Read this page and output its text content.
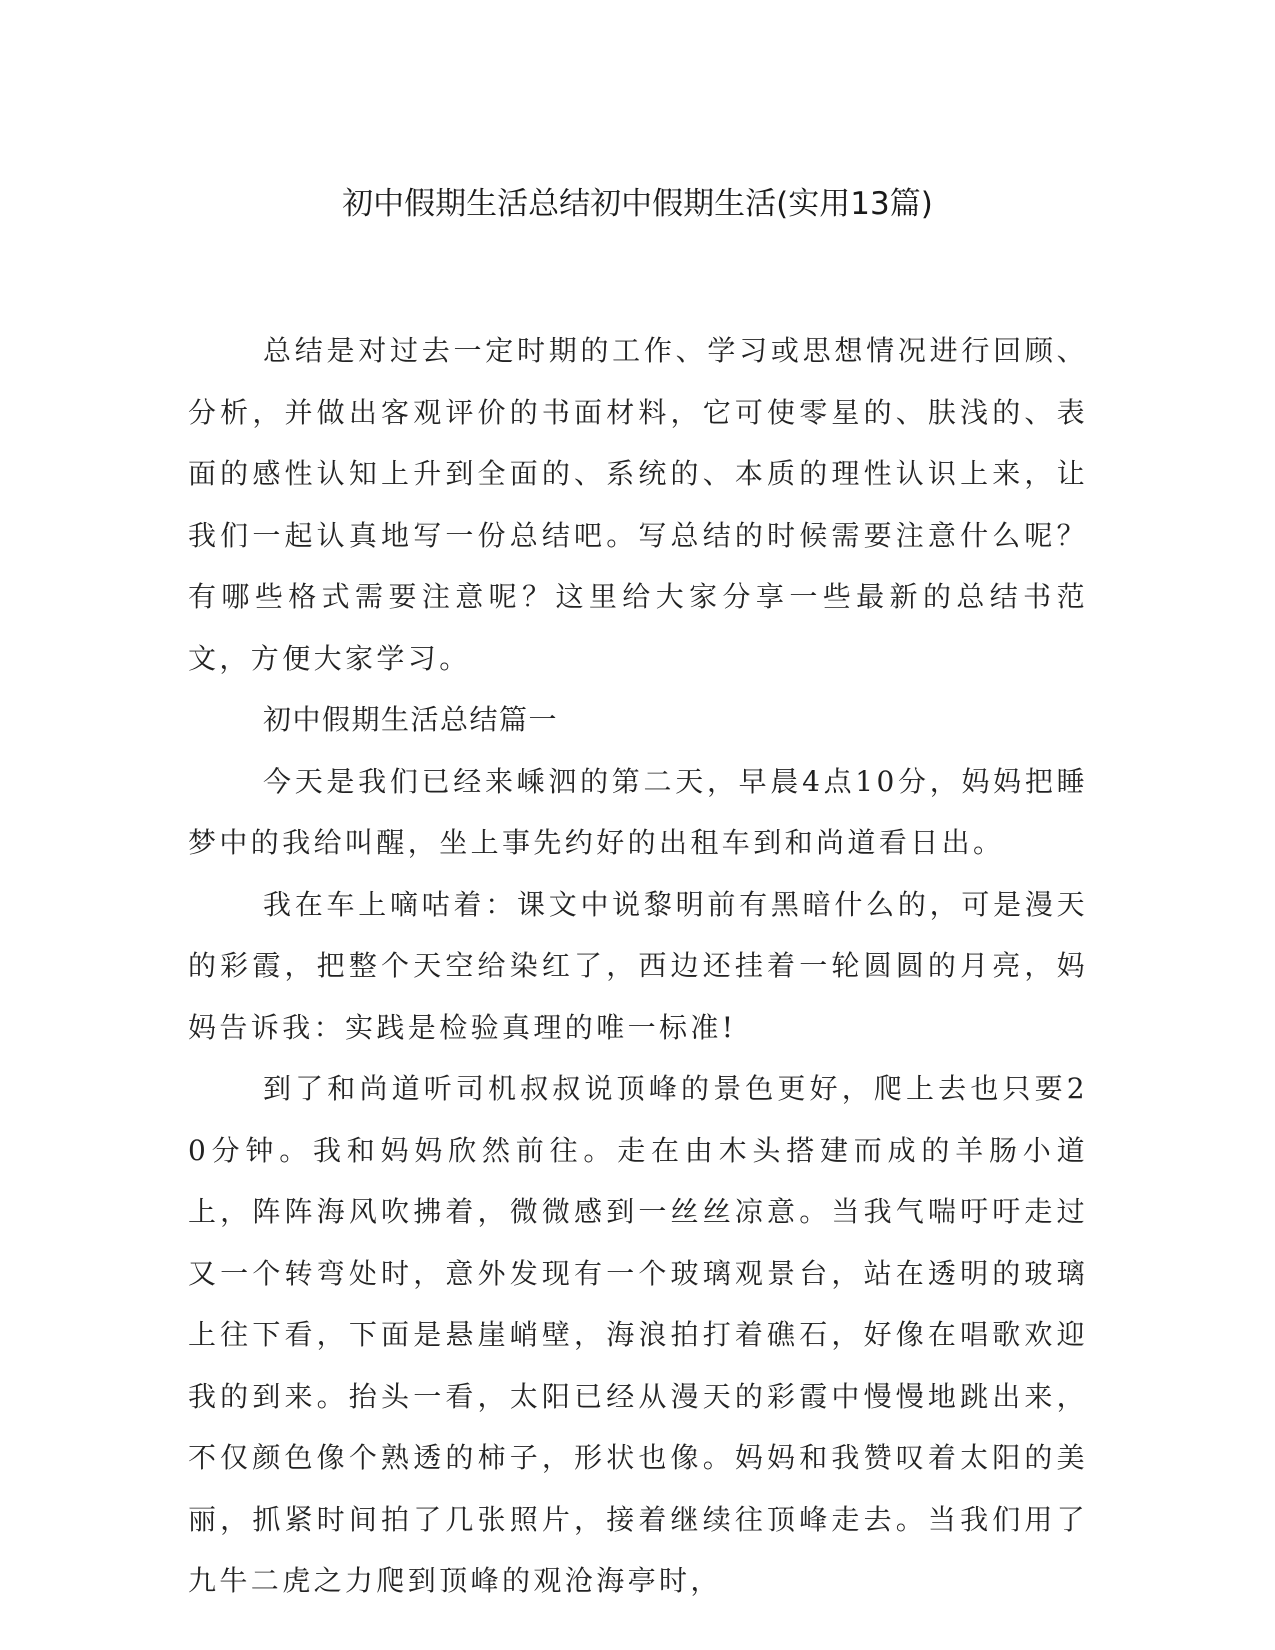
初中假期生活总结初中假期生活(实用13篇)

总结是对过去一定时期的工作、学习或思想情况进行回顾、分析，并做出客观评价的书面材料，它可使零星的、肤浅的、表面的感性认知上升到全面的、系统的、本质的理性认识上来，让我们一起认真地写一份总结吧。写总结的时候需要注意什么呢？有哪些格式需要注意呢？这里给大家分享一些最新的总结书范文，方便大家学习。

初中假期生活总结篇一

今天是我们已经来嵊泗的第二天，早晨4点10分，妈妈把睡梦中的我给叫醒，坐上事先约好的出租车到和尚道看日出。

我在车上嘀咕着：课文中说黎明前有黑暗什么的，可是漫天的彩霞，把整个天空给染红了，西边还挂着一轮圆圆的月亮，妈妈告诉我：实践是检验真理的唯一标准!

到了和尚道听司机叔叔说顶峰的景色更好，爬上去也只要20分钟。我和妈妈欣然前往。走在由木头搭建而成的羊肠小道上，阵阵海风吹拂着，微微感到一丝丝凉意。当我气喘吁吁走过又一个转弯处时，意外发现有一个玻璃观景台，站在透明的玻璃上往下看，下面是悬崖峭壁，海浪拍打着礁石，好像在唱歌欢迎我的到来。抬头一看，太阳已经从漫天的彩霞中慢慢地跳出来，不仅颜色像个熟透的柿子，形状也像。妈妈和我赞叹着太阳的美丽，抓紧时间拍了几张照片，接着继续往顶峰走去。当我们用了九牛二虎之力爬到顶峰的观沧海亭时，
